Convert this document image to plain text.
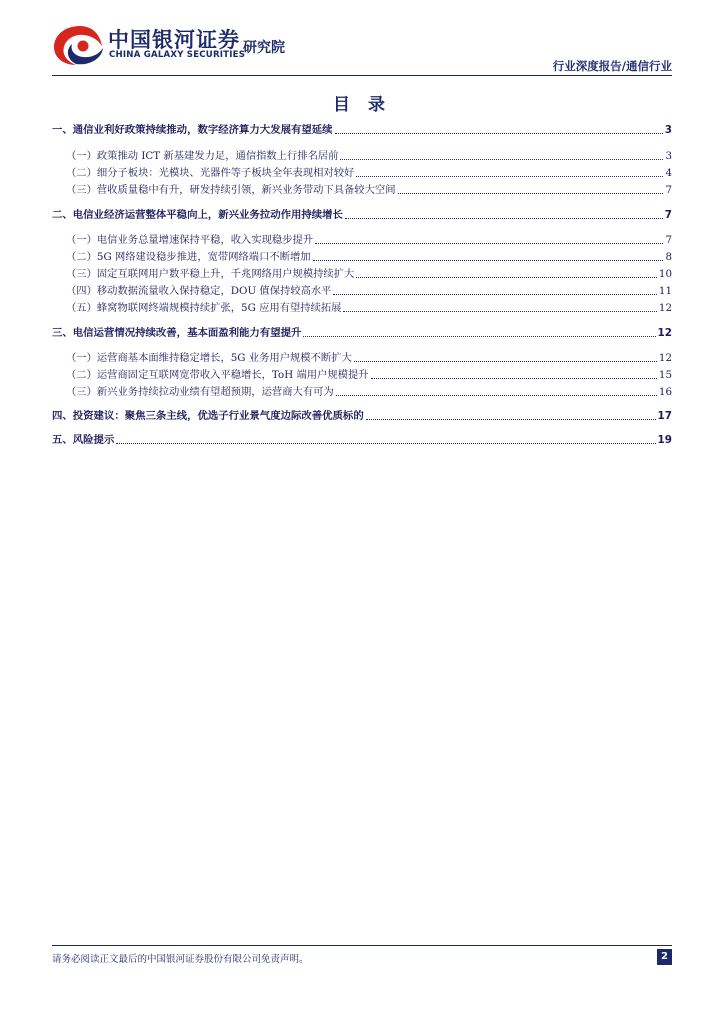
中国银河证券
CHINA GALAXY SECURITIES
研究院
行业深度报告/通信行业
目 录
一、通信业利好政策持续推动，数字经济算力大发展有望延续	3
（一）政策推动 ICT 新基建发力足，通信指数上行排名居前	3
（二）细分子板块：光模块、光器件等子板块全年表现相对较好	4
（三）营收质量稳中有升，研发持续引领，新兴业务带动下具备较大空间	7
二、电信业经济运营整体平稳向上，新兴业务拉动作用持续增长	7
（一）电信业务总量增速保持平稳，收入实现稳步提升	7
（二）5G 网络建设稳步推进，宽带网络端口不断增加	8
（三）固定互联网用户数平稳上升，千兆网络用户规模持续扩大	10
（四）移动数据流量收入保持稳定，DOU 值保持较高水平	11
（五）蜂窝物联网终端规模持续扩张，5G 应用有望持续拓展	12
三、电信运营情况持续改善，基本面盈利能力有望提升	12
（一）运营商基本面维持稳定增长，5G 业务用户规模不断扩大	12
（二）运营商固定互联网宽带收入平稳增长，ToH 端用户规模提升	15
（三）新兴业务持续拉动业绩有望超预期，运营商大有可为	16
四、投资建议：聚焦三条主线，优选子行业景气度边际改善优质标的	17
五、风险提示	19
请务必阅读正文最后的中国银河证券股份有限公司免责声明。	2
